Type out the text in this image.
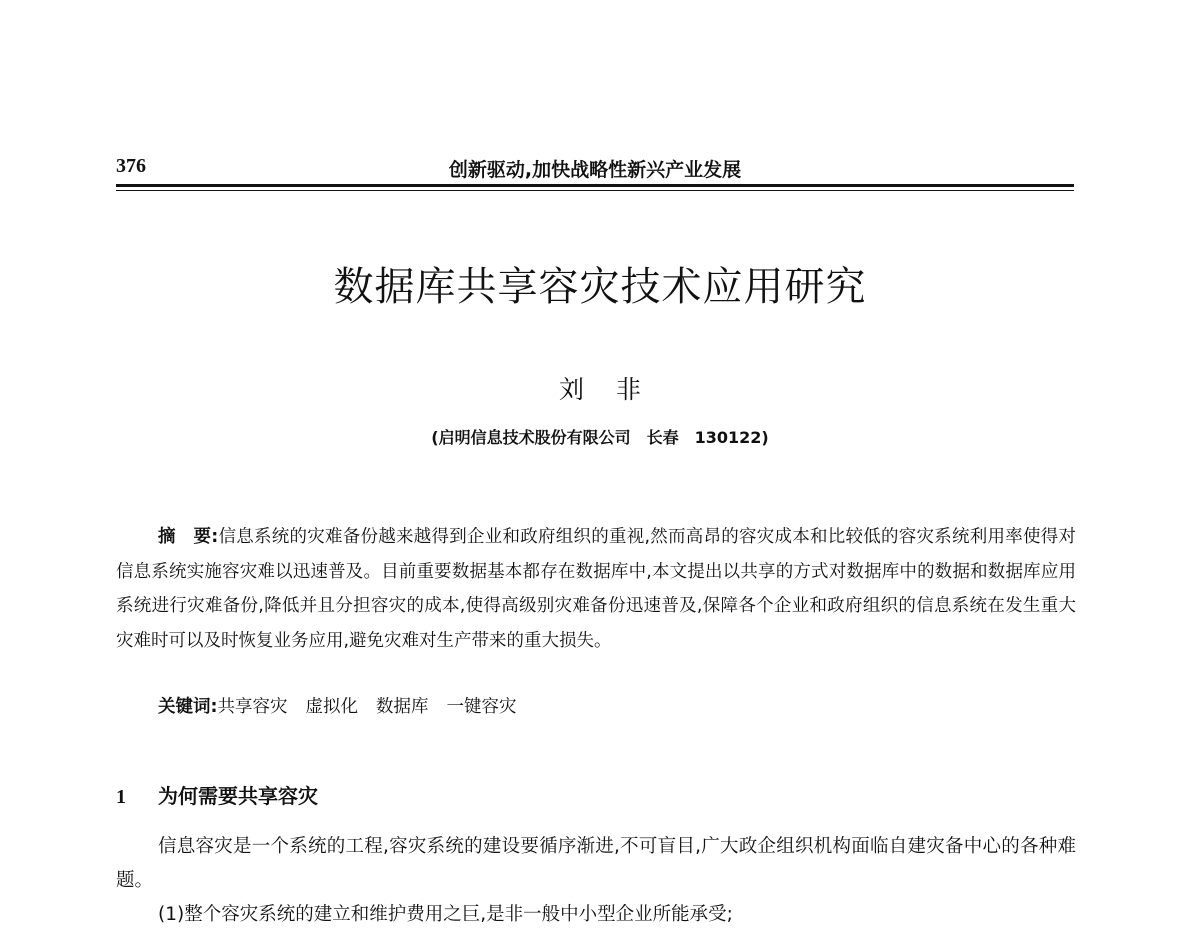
376	创新驱动,加快战略性新兴产业发展
数据库共享容灾技术应用研究
刘非
(启明信息技术股份有限公司　长春　130122)
摘　要:信息系统的灾难备份越来越得到企业和政府组织的重视,然而高昂的容灾成本和比较低的容灾系统利用率使得对信息系统实施容灾难以迅速普及。目前重要数据基本都存在数据库中,本文提出以共享的方式对数据库中的数据和数据库应用系统进行灾难备份,降低并且分担容灾的成本,使得高级别灾难备份迅速普及,保障各个企业和政府组织的信息系统在发生重大灾难时可以及时恢复业务应用,避免灾难对生产带来的重大损失。
关键词:共享容灾 虚拟化 数据库 一键容灾
1 为何需要共享容灾
信息容灾是一个系统的工程,容灾系统的建设要循序渐进,不可盲目,广大政企组织机构面临自建灾备中心的各种难题。
(1)整个容灾系统的建立和维护费用之巨,是非一般中小型企业所能承受;
